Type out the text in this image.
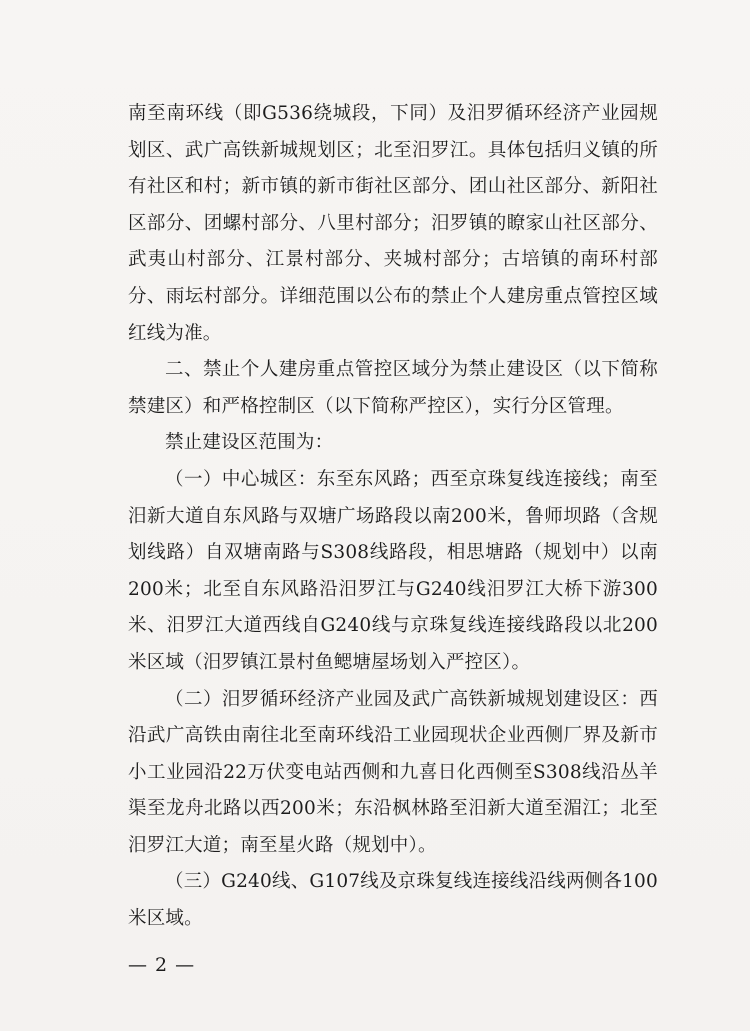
南至南环线（即G536绕城段，下同）及汨罗循环经济产业园规划区、武广高铁新城规划区；北至汨罗江。具体包括归义镇的所有社区和村；新市镇的新市街社区部分、团山社区部分、新阳社区部分、团螺村部分、八里村部分；汨罗镇的瞭家山社区部分、武夷山村部分、江景村部分、夹城村部分；古培镇的南环村部分、雨坛村部分。详细范围以公布的禁止个人建房重点管控区域红线为准。

二、禁止个人建房重点管控区域分为禁止建设区（以下简称禁建区）和严格控制区（以下简称严控区），实行分区管理。

禁止建设区范围为：

（一）中心城区：东至东风路；西至京珠复线连接线；南至汨新大道自东风路与双塘广场路段以南200米，鲁师坝路（含规划线路）自双塘南路与S308线路段，相思塘路（规划中）以南200米；北至自东风路沿汨罗江与G240线汨罗江大桥下游300米、汨罗江大道西线自G240线与京珠复线连接线路段以北200米区域（汨罗镇江景村鱼鳃塘屋场划入严控区）。

（二）汨罗循环经济产业园及武广高铁新城规划建设区：西沿武广高铁由南往北至南环线沿工业园现状企业西侧厂界及新市小工业园沿22万伏变电站西侧和九喜日化西侧至S308线沿丛羊渠至龙舟北路以西200米；东沿枫林路至汨新大道至湄江；北至汨罗江大道；南至星火路（规划中）。

（三）G240线、G107线及京珠复线连接线沿线两侧各100米区域。

— 2 —
